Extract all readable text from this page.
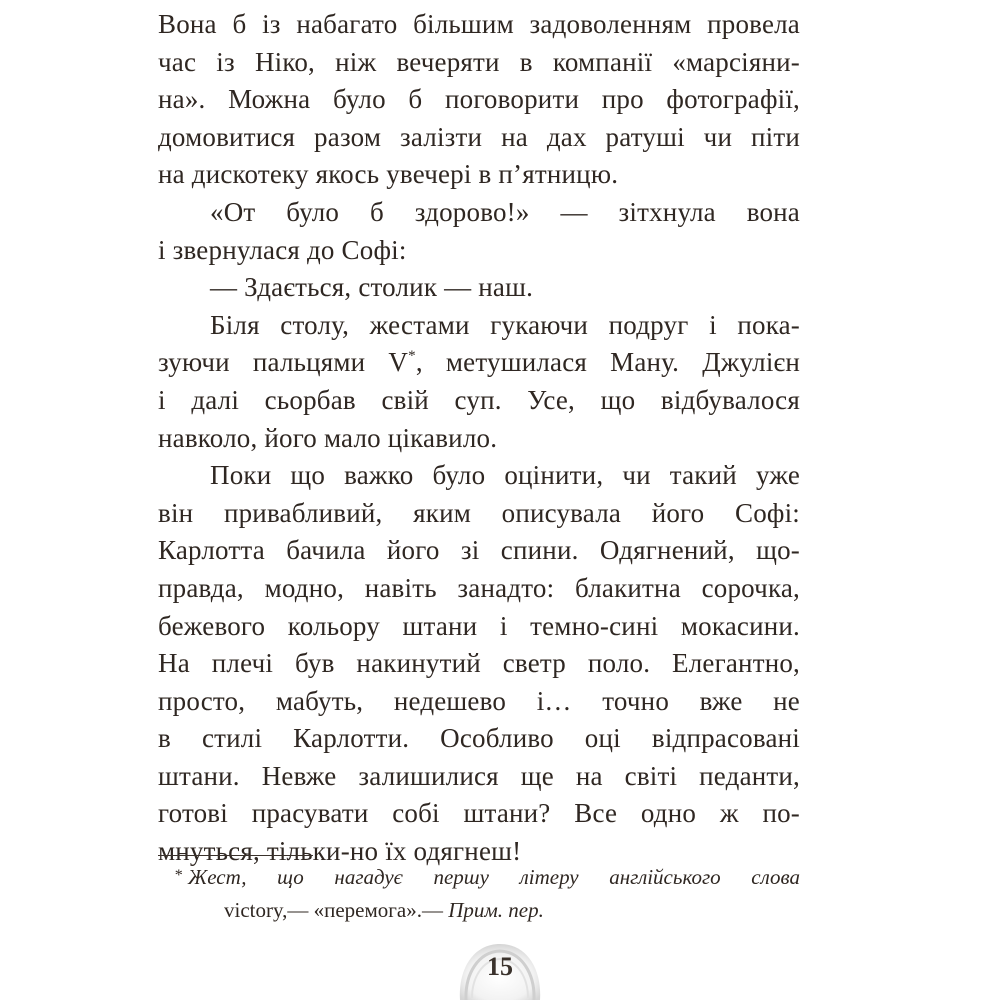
Вона б із набагато більшим задоволенням провела
час із Ніко, ніж вечеряти в компанії «марсіяни-
на». Можна було б поговорити про фотографії,
домовитися разом залізти на дах ратуші чи піти
на дискотеку якось увечері в п’ятницю.
«От було б здорово!» — зітхнула вона
і звернулася до Софі:
— Здається, столик — наш.
Біля столу, жестами гукаючи подруг і пока-
зуючи пальцями V*, метушилася Ману. Джулієн
і далі сьорбав свій суп. Усе, що відбувалося
навколо, його мало цікавило.
Поки що важко було оцінити, чи такий уже
він привабливий, яким описувала його Софі:
Карлотта бачила його зі спини. Одягнений, що-
правда, модно, навіть занадто: блакитна сорочка,
бежевого кольору штани і темно-сині мокасини.
На плечі був накинутий светр поло. Елегантно,
просто, мабуть, недешево і… точно вже не
в стилі Карлотти. Особливо оці відпрасовані
штани. Невже залишилися ще на світі педанти,
готові прасувати собі штани? Все одно ж по-
мнуться, тільки-но їх одягнеш!
* Жест, що нагадує першу літеру англійського слова
victory,— «перемога».— Прим. пер.
15
